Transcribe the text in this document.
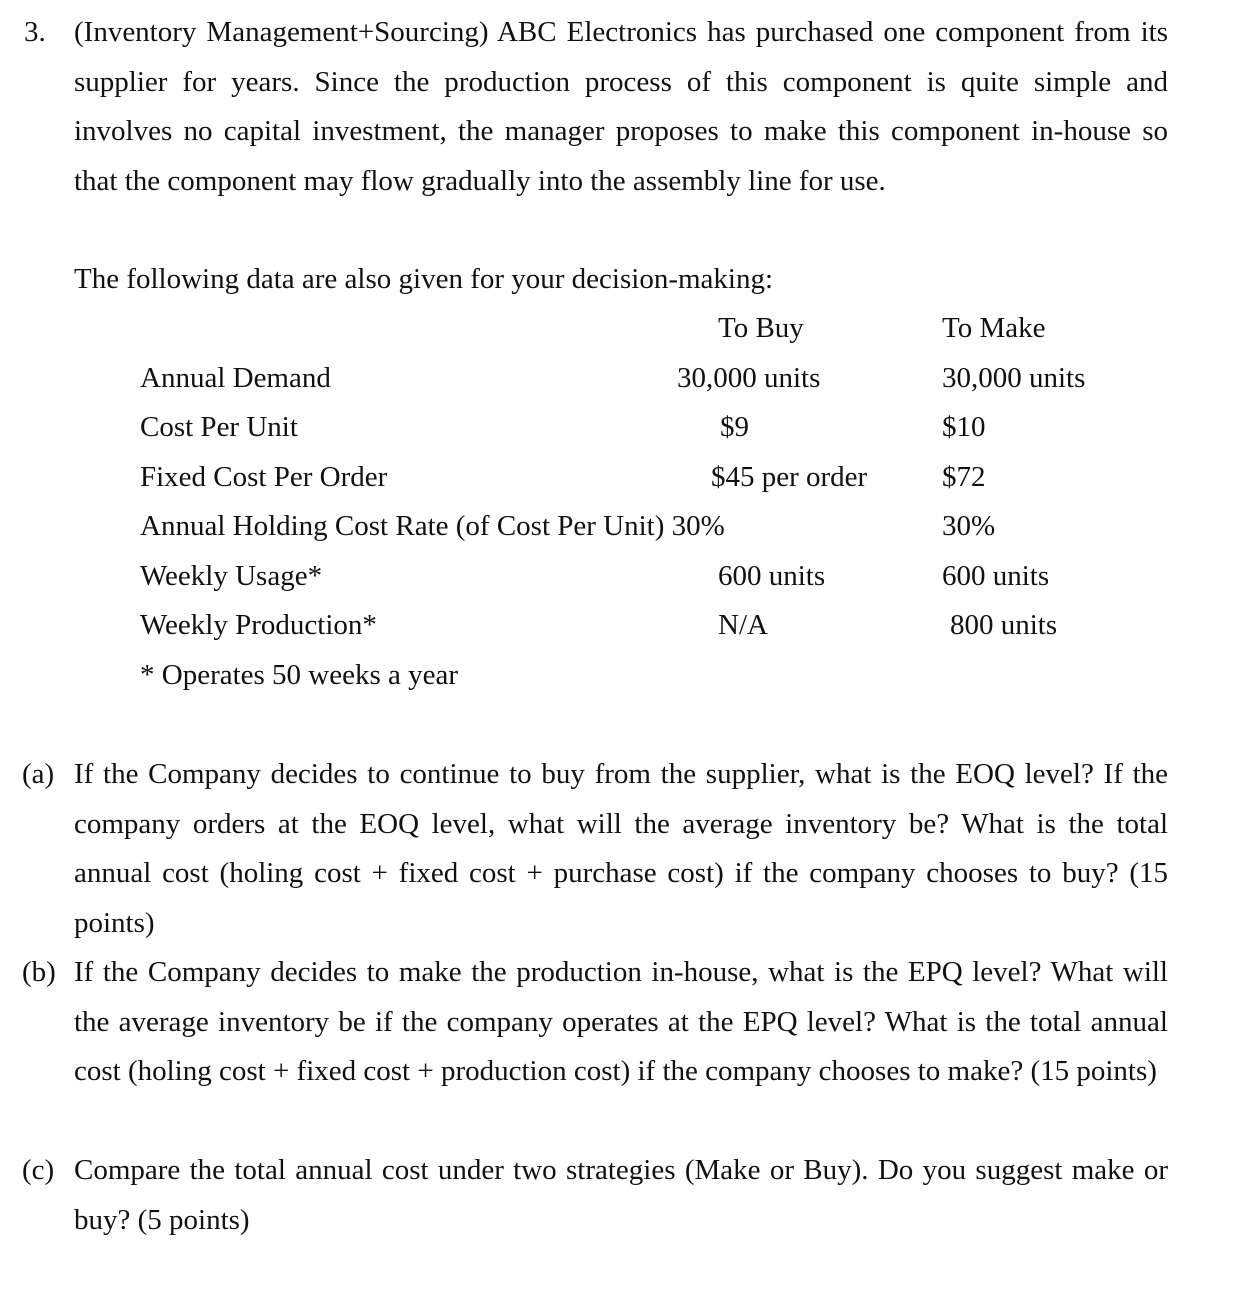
3. (Inventory Management+Sourcing) ABC Electronics has purchased one component from its supplier for years. Since the production process of this component is quite simple and involves no capital investment, the manager proposes to make this component in-house so that the component may flow gradually into the assembly line for use.
The following data are also given for your decision-making:
To Buy	To Make
Annual Demand	30,000 units	30,000 units
Cost Per Unit	$9	$10
Fixed Cost Per Order	$45 per order	$72
Annual Holding Cost Rate (of Cost Per Unit) 30%	30%
Weekly Usage*	600 units	600 units
Weekly Production*	N/A	800 units
* Operates 50 weeks a year
(a) If the Company decides to continue to buy from the supplier, what is the EOQ level? If the company orders at the EOQ level, what will the average inventory be? What is the total annual cost (holing cost + fixed cost + purchase cost) if the company chooses to buy? (15 points)
(b) If the Company decides to make the production in-house, what is the EPQ level? What will the average inventory be if the company operates at the EPQ level? What is the total annual cost (holing cost + fixed cost + production cost) if the company chooses to make? (15 points)
(c) Compare the total annual cost under two strategies (Make or Buy). Do you suggest make or buy? (5 points)
